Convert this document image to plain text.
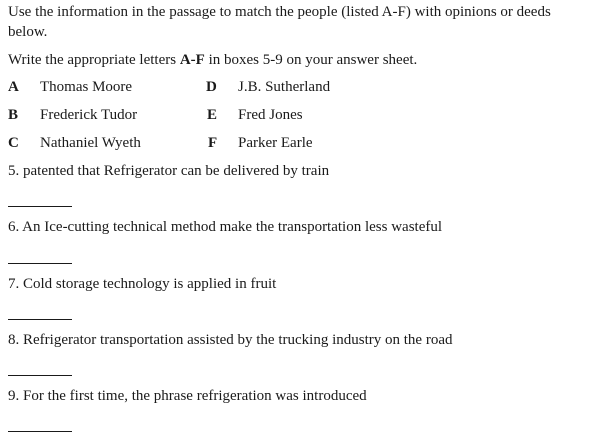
Use the information in the passage to match the people (listed A-F) with opinions or deeds below.

Write the appropriate letters A-F in boxes 5-9 on your answer sheet.

A Thomas Moore	D J.B. Sutherland
B Frederick Tudor	E Fred Jones
C Nathaniel Wyeth	F Parker Earle

5. patented that Refrigerator can be delivered by train

6. An Ice-cutting technical method make the transportation less wasteful

7. Cold storage technology is applied in fruit

8. Refrigerator transportation assisted by the trucking industry on the road

9. For the first time, the phrase refrigeration was introduced
